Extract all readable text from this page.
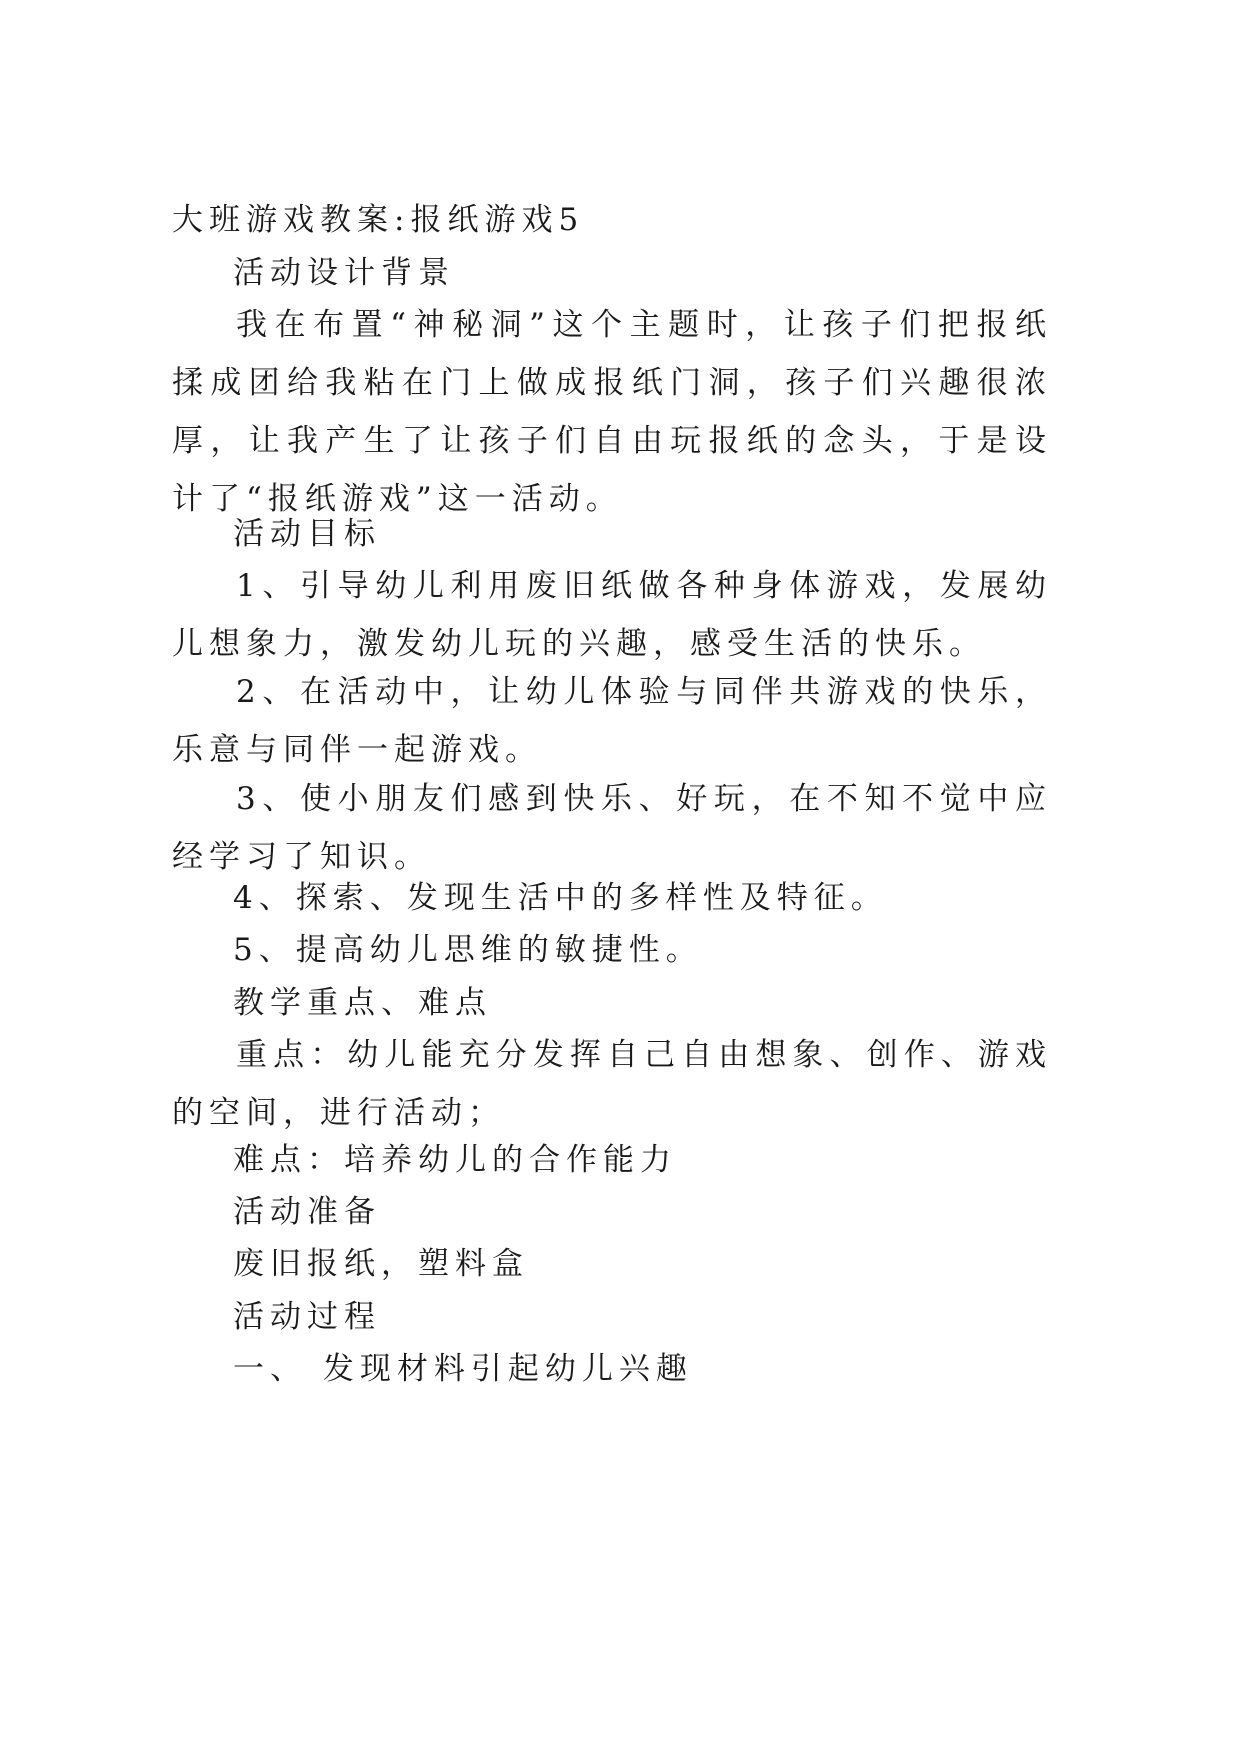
大班游戏教案:报纸游戏5

活动设计背景

我在布置“神秘洞”这个主题时，让孩子们把报纸揉成团给我粘在门上做成报纸门洞，孩子们兴趣很浓厚，让我产生了让孩子们自由玩报纸的念头，于是设计了“报纸游戏”这一活动。

活动目标

1、引导幼儿利用废旧纸做各种身体游戏，发展幼儿想象力，激发幼儿玩的兴趣，感受生活的快乐。

2、在活动中，让幼儿体验与同伴共游戏的快乐，乐意与同伴一起游戏。

3、使小朋友们感到快乐、好玩，在不知不觉中应经学习了知识。

4、探索、发现生活中的多样性及特征。

5、提高幼儿思维的敏捷性。

教学重点、难点

重点：幼儿能充分发挥自己自由想象、创作、游戏的空间，进行活动；

难点：培养幼儿的合作能力

活动准备

废旧报纸，塑料盒

活动过程

一、 发现材料引起幼儿兴趣
